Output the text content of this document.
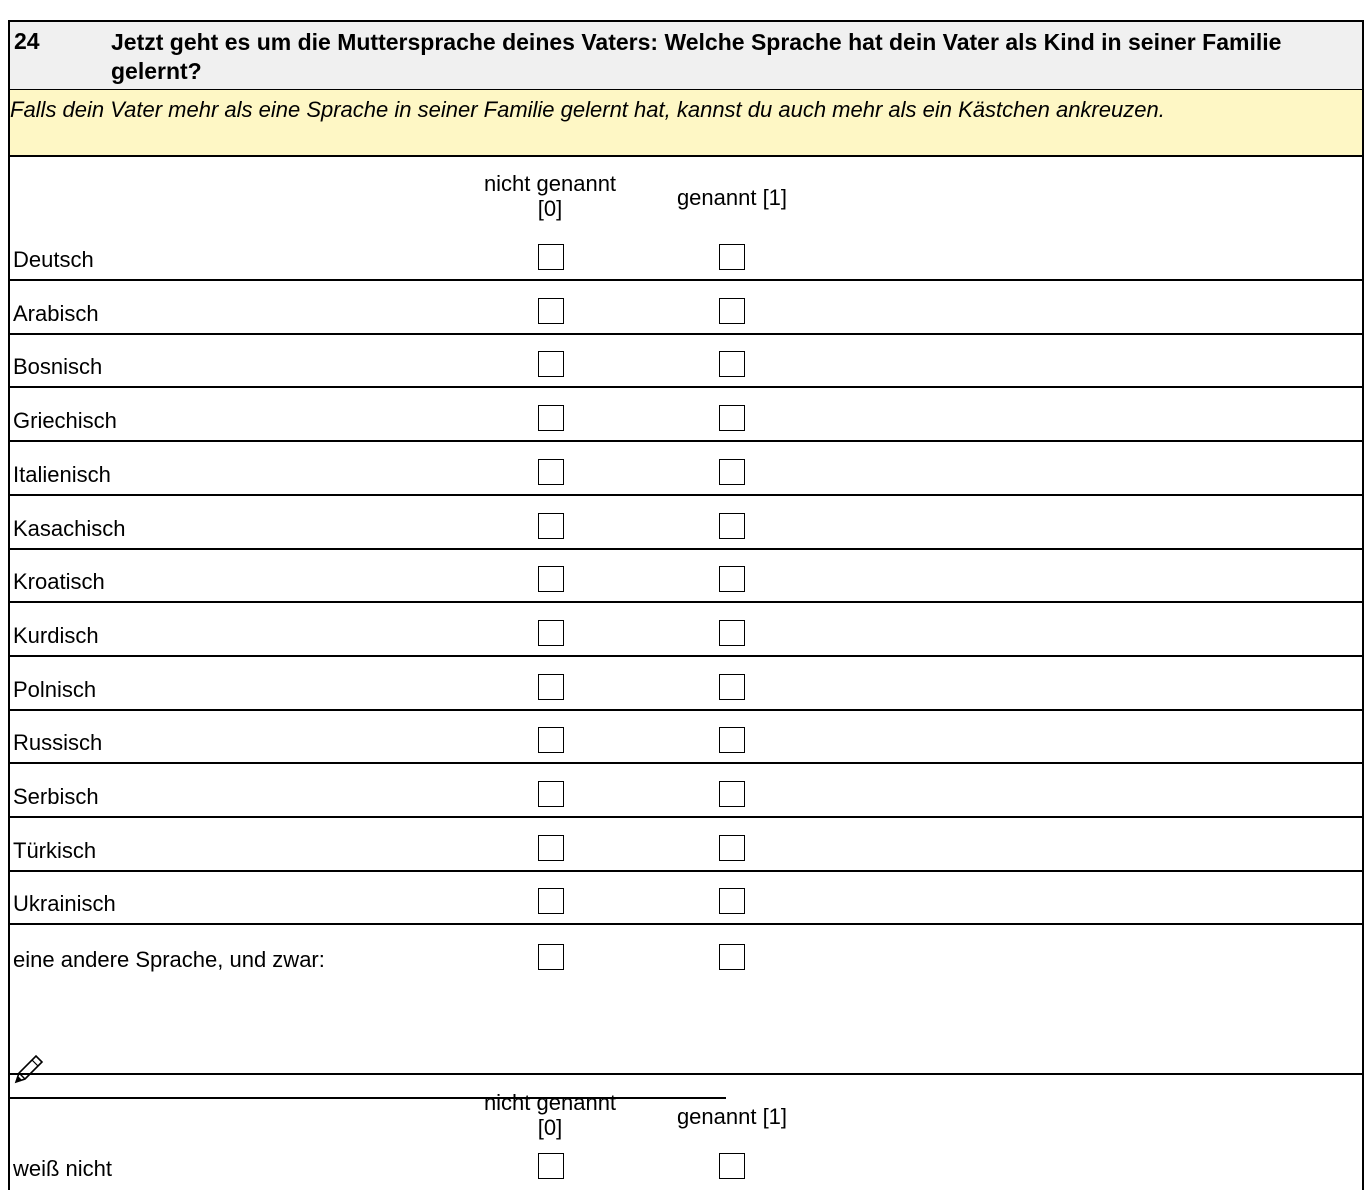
24	Jetzt geht es um die Muttersprache deines Vaters: Welche Sprache hat dein Vater als Kind in seiner Familie gelernt?
Falls dein Vater mehr als eine Sprache in seiner Familie gelernt hat, kannst du auch mehr als ein Kästchen ankreuzen.
nicht genannt
[0]	genannt [1]
Deutsch
Arabisch
Bosnisch
Griechisch
Italienisch
Kasachisch
Kroatisch
Kurdisch
Polnisch
Russisch
Serbisch
Türkisch
Ukrainisch
eine andere Sprache, und zwar:
nicht genannt
[0]	genannt [1]
weiß nicht
